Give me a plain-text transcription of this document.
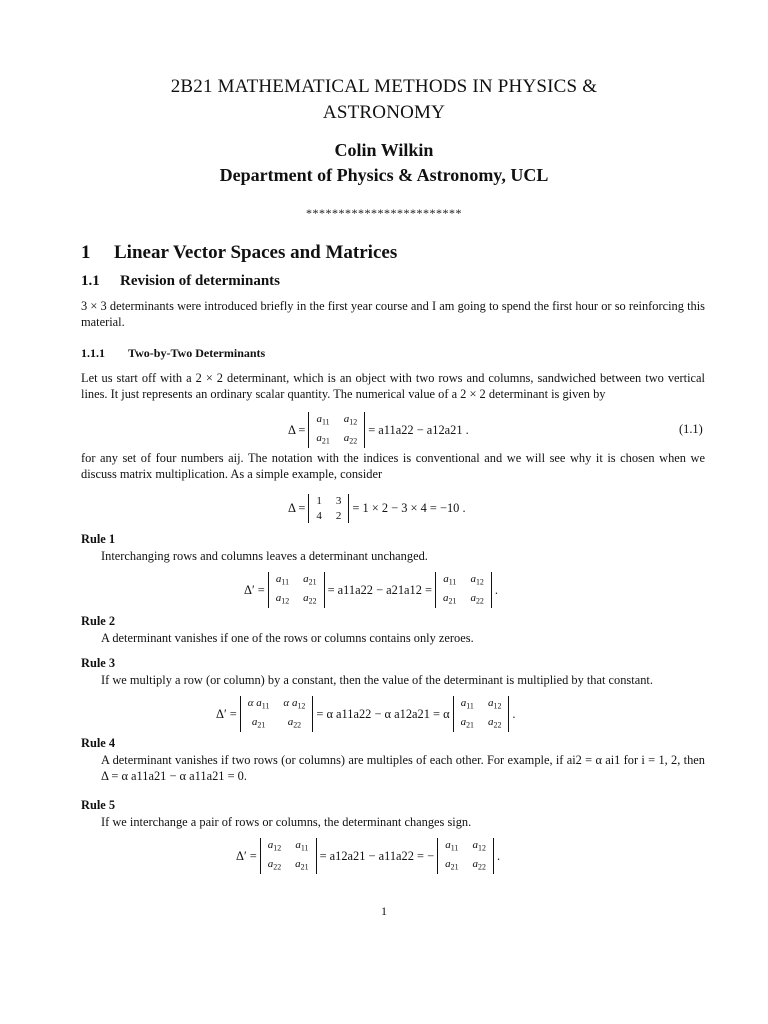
2B21 MATHEMATICAL METHODS IN PHYSICS &
ASTRONOMY
Colin Wilkin
Department of Physics & Astronomy, UCL
************************
1 Linear Vector Spaces and Matrices
1.1 Revision of determinants
3 × 3 determinants were introduced briefly in the first year course and I am going to spend the first hour or so reinforcing this material.
1.1.1 Two-by-Two Determinants
Let us start off with a 2 × 2 determinant, which is an object with two rows and columns, sandwiched between two vertical lines. It just represents an ordinary scalar quantity. The numerical value of a 2 × 2 determinant is given by
Δ =
$a_{11}$ $a_{12}$
$a_{21}$ $a_{22}$
= a11a22 − a12a21 .	(1.1)
for any set of four numbers aij. The notation with the indices is conventional and we will see why it is chosen when we discuss matrix multiplication. As a simple example, consider
Δ = 1 3
4 2
= 1 × 2 − 3 × 4 = −10 .
Rule 1
Interchanging rows and columns leaves a determinant unchanged.
Δ′ =
$a_{11}$ $a_{21}$
$a_{12}$ $a_{22}$
= a11a22 − a21a12 =
$a_{11}$ $a_{12}$
$a_{21}$ $a_{22}$
.
Rule 2
A determinant vanishes if one of the rows or columns contains only zeroes.
Rule 3
If we multiply a row (or column) by a constant, then the value of the determinant is multiplied by that constant.
Δ′ =
α $a_{11}$ α $a_{12}$
$a_{21}$	$a_{22}$
= α a11a22 − α a12a21 = α
$a_{11}$ $a_{12}$
$a_{21}$ $a_{22}$
.
Rule 4
A determinant vanishes if two rows (or columns) are multiples of each other. For example, if ai2 = α ai1 for i = 1, 2, then Δ = α a11a21 − α a11a21 = 0.
Rule 5
If we interchange a pair of rows or columns, the determinant changes sign.
Δ′ =
$a_{12}$ $a_{11}$
$a_{22}$ $a_{21}$
= a12a21 − a11a22 = −
$a_{11}$ $a_{12}$
$a_{21}$ $a_{22}$
.
1
